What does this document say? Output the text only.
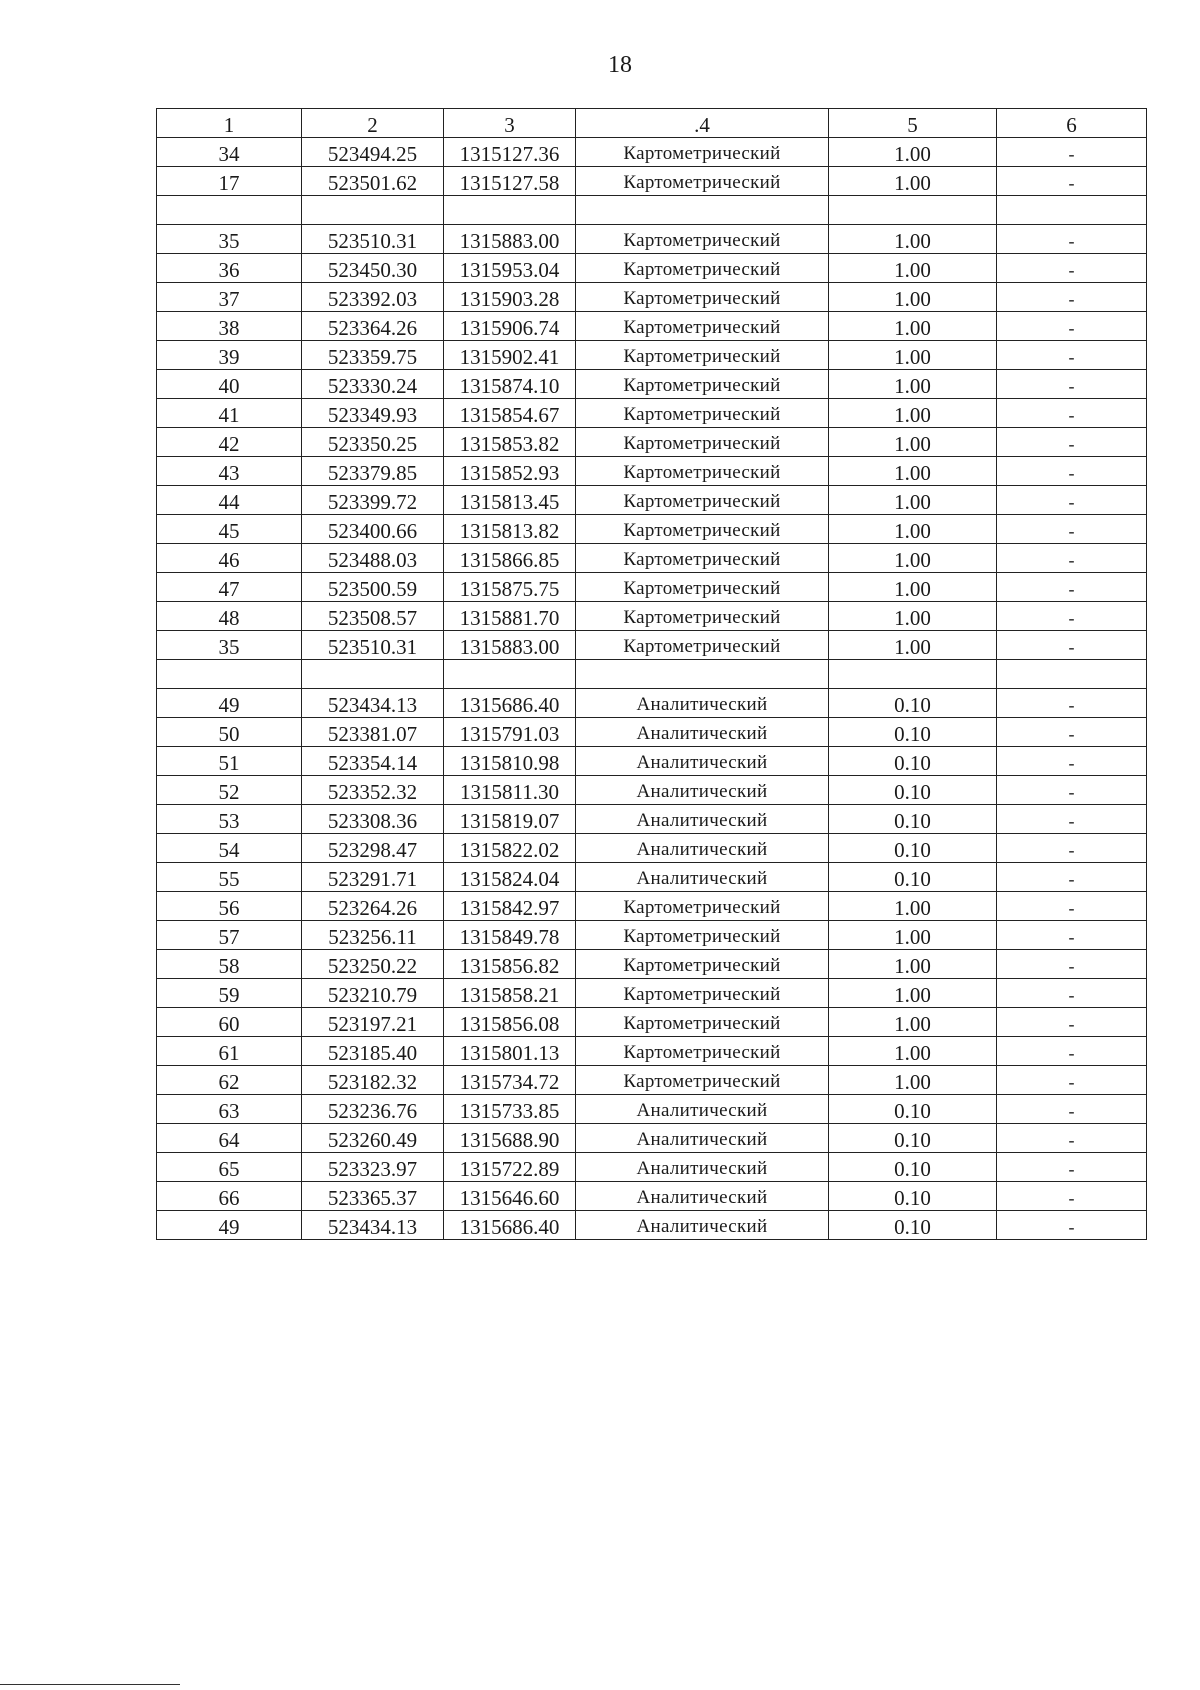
18
1	2	3	.4	5	6
34	523494.25	1315127.36	Картометрический	1.00	-
17	523501.62	1315127.58	Картометрический	1.00	-

35	523510.31	1315883.00	Картометрический	1.00	-
36	523450.30	1315953.04	Картометрический	1.00	-
37	523392.03	1315903.28	Картометрический	1.00	-
38	523364.26	1315906.74	Картометрический	1.00	-
39	523359.75	1315902.41	Картометрический	1.00	-
40	523330.24	1315874.10	Картометрический	1.00	-
41	523349.93	1315854.67	Картометрический	1.00	-
42	523350.25	1315853.82	Картометрический	1.00	-
43	523379.85	1315852.93	Картометрический	1.00	-
44	523399.72	1315813.45	Картометрический	1.00	-
45	523400.66	1315813.82	Картометрический	1.00	-
46	523488.03	1315866.85	Картометрический	1.00	-
47	523500.59	1315875.75	Картометрический	1.00	-
48	523508.57	1315881.70	Картометрический	1.00	-
35	523510.31	1315883.00	Картометрический	1.00	-

49	523434.13	1315686.40	Аналитический	0.10	-
50	523381.07	1315791.03	Аналитический	0.10	-
51	523354.14	1315810.98	Аналитический	0.10	-
52	523352.32	1315811.30	Аналитический	0.10	-
53	523308.36	1315819.07	Аналитический	0.10	-
54	523298.47	1315822.02	Аналитический	0.10	-
55	523291.71	1315824.04	Аналитический	0.10	-
56	523264.26	1315842.97	Картометрический	1.00	-
57	523256.11	1315849.78	Картометрический	1.00	-
58	523250.22	1315856.82	Картометрический	1.00	-
59	523210.79	1315858.21	Картометрический	1.00	-
60	523197.21	1315856.08	Картометрический	1.00	-
61	523185.40	1315801.13	Картометрический	1.00	-
62	523182.32	1315734.72	Картометрический	1.00	-
63	523236.76	1315733.85	Аналитический	0.10	-
64	523260.49	1315688.90	Аналитический	0.10	-
65	523323.97	1315722.89	Аналитический	0.10	-
66	523365.37	1315646.60	Аналитический	0.10	-
49	523434.13	1315686.40	Аналитический	0.10	-
